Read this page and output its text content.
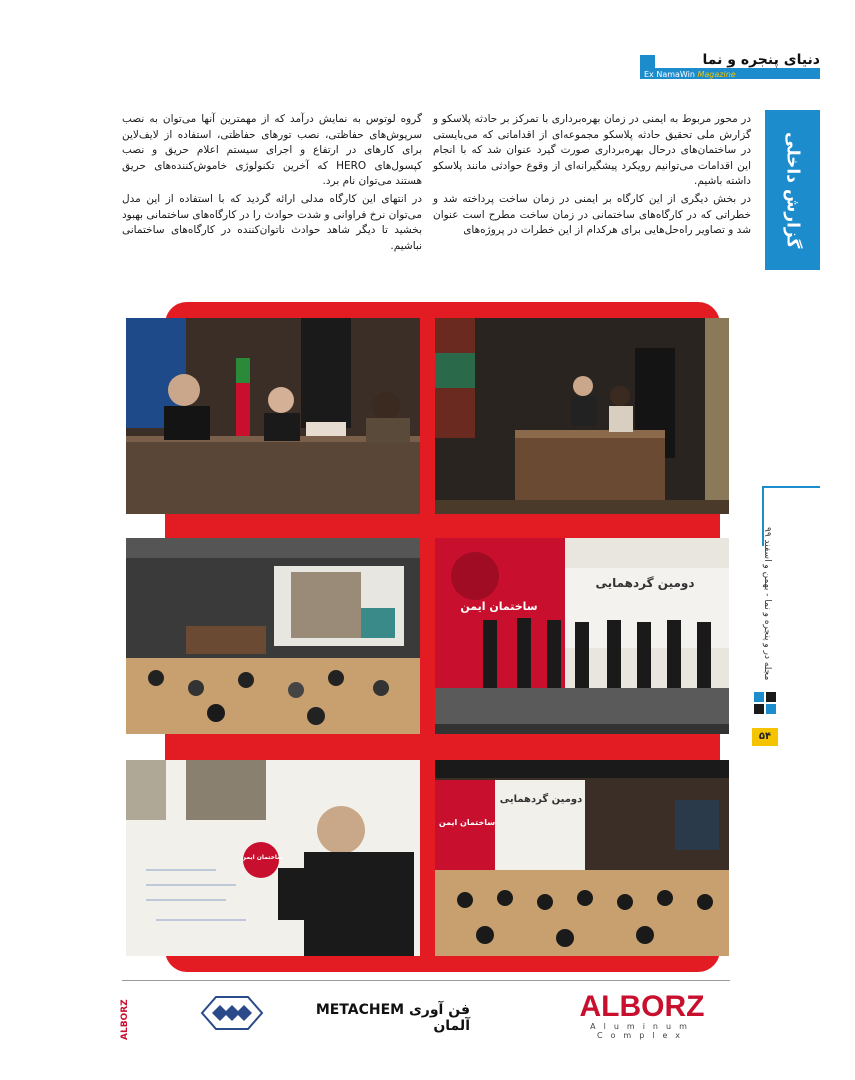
دنیای پنجره و نما
Ex NamaWin Magazine
گزارش داخلی

در محور مربوط به ایمنی در زمان بهره‌برداری با تمرکز بر حادثه پلاسکو و گزارش ملی تحقیق حادثه پلاسکو مجموعه‌ای از اقداماتی که می‌بایستی در ساختمان‌های درحال بهره‌برداری صورت گیرد عنوان شد که با انجام این اقدامات می‌توانیم رویکرد پیشگیرانه‌ای از وقوع حوادثی مانند پلاسکو داشته باشیم.

در بخش دیگری از این کارگاه بر ایمنی در زمان ساخت پرداخته شد و خطراتی که در کارگاه‌های ساختمانی در زمان ساخت مطرح است عنوان شد و تصاویر راه‌حل‌هایی برای هرکدام از این خطرات در پروژه‌های

گروه لوتوس به نمایش درآمد که از مهمترین آنها می‌توان به نصب سرپوش‌های حفاظتی، نصب تورهای حفاظتی، استفاده از لایف‌لاین برای کارهای در ارتفاع و اجرای سیستم اعلام حریق و نصب کپسول‌های HERO که آخرین تکنولوژی خاموش‌کننده‌های حریق هستند می‌توان نام برد.

در انتهای این کارگاه مدلی ارائه گردید که با استفاده از این مدل می‌توان نرخ فراوانی و شدت حوادث را در کارگاه‌های ساختمانی بهبود بخشید تا دیگر شاهد حوادث ناتوان‌کننده در کارگاه‌های ساختمانی نباشیم.

دومین گردهمایی
ساختمان ایمن
ساختمان ایمن
دومین گردهمایی
ساختمان ایمن
مجله در و پنجره و نما - بهمن و اسفند ۹۹
۵۴
ALBORZ	فن آوری METACHEM آلمان
ALBORZ
Aluminum Complex
